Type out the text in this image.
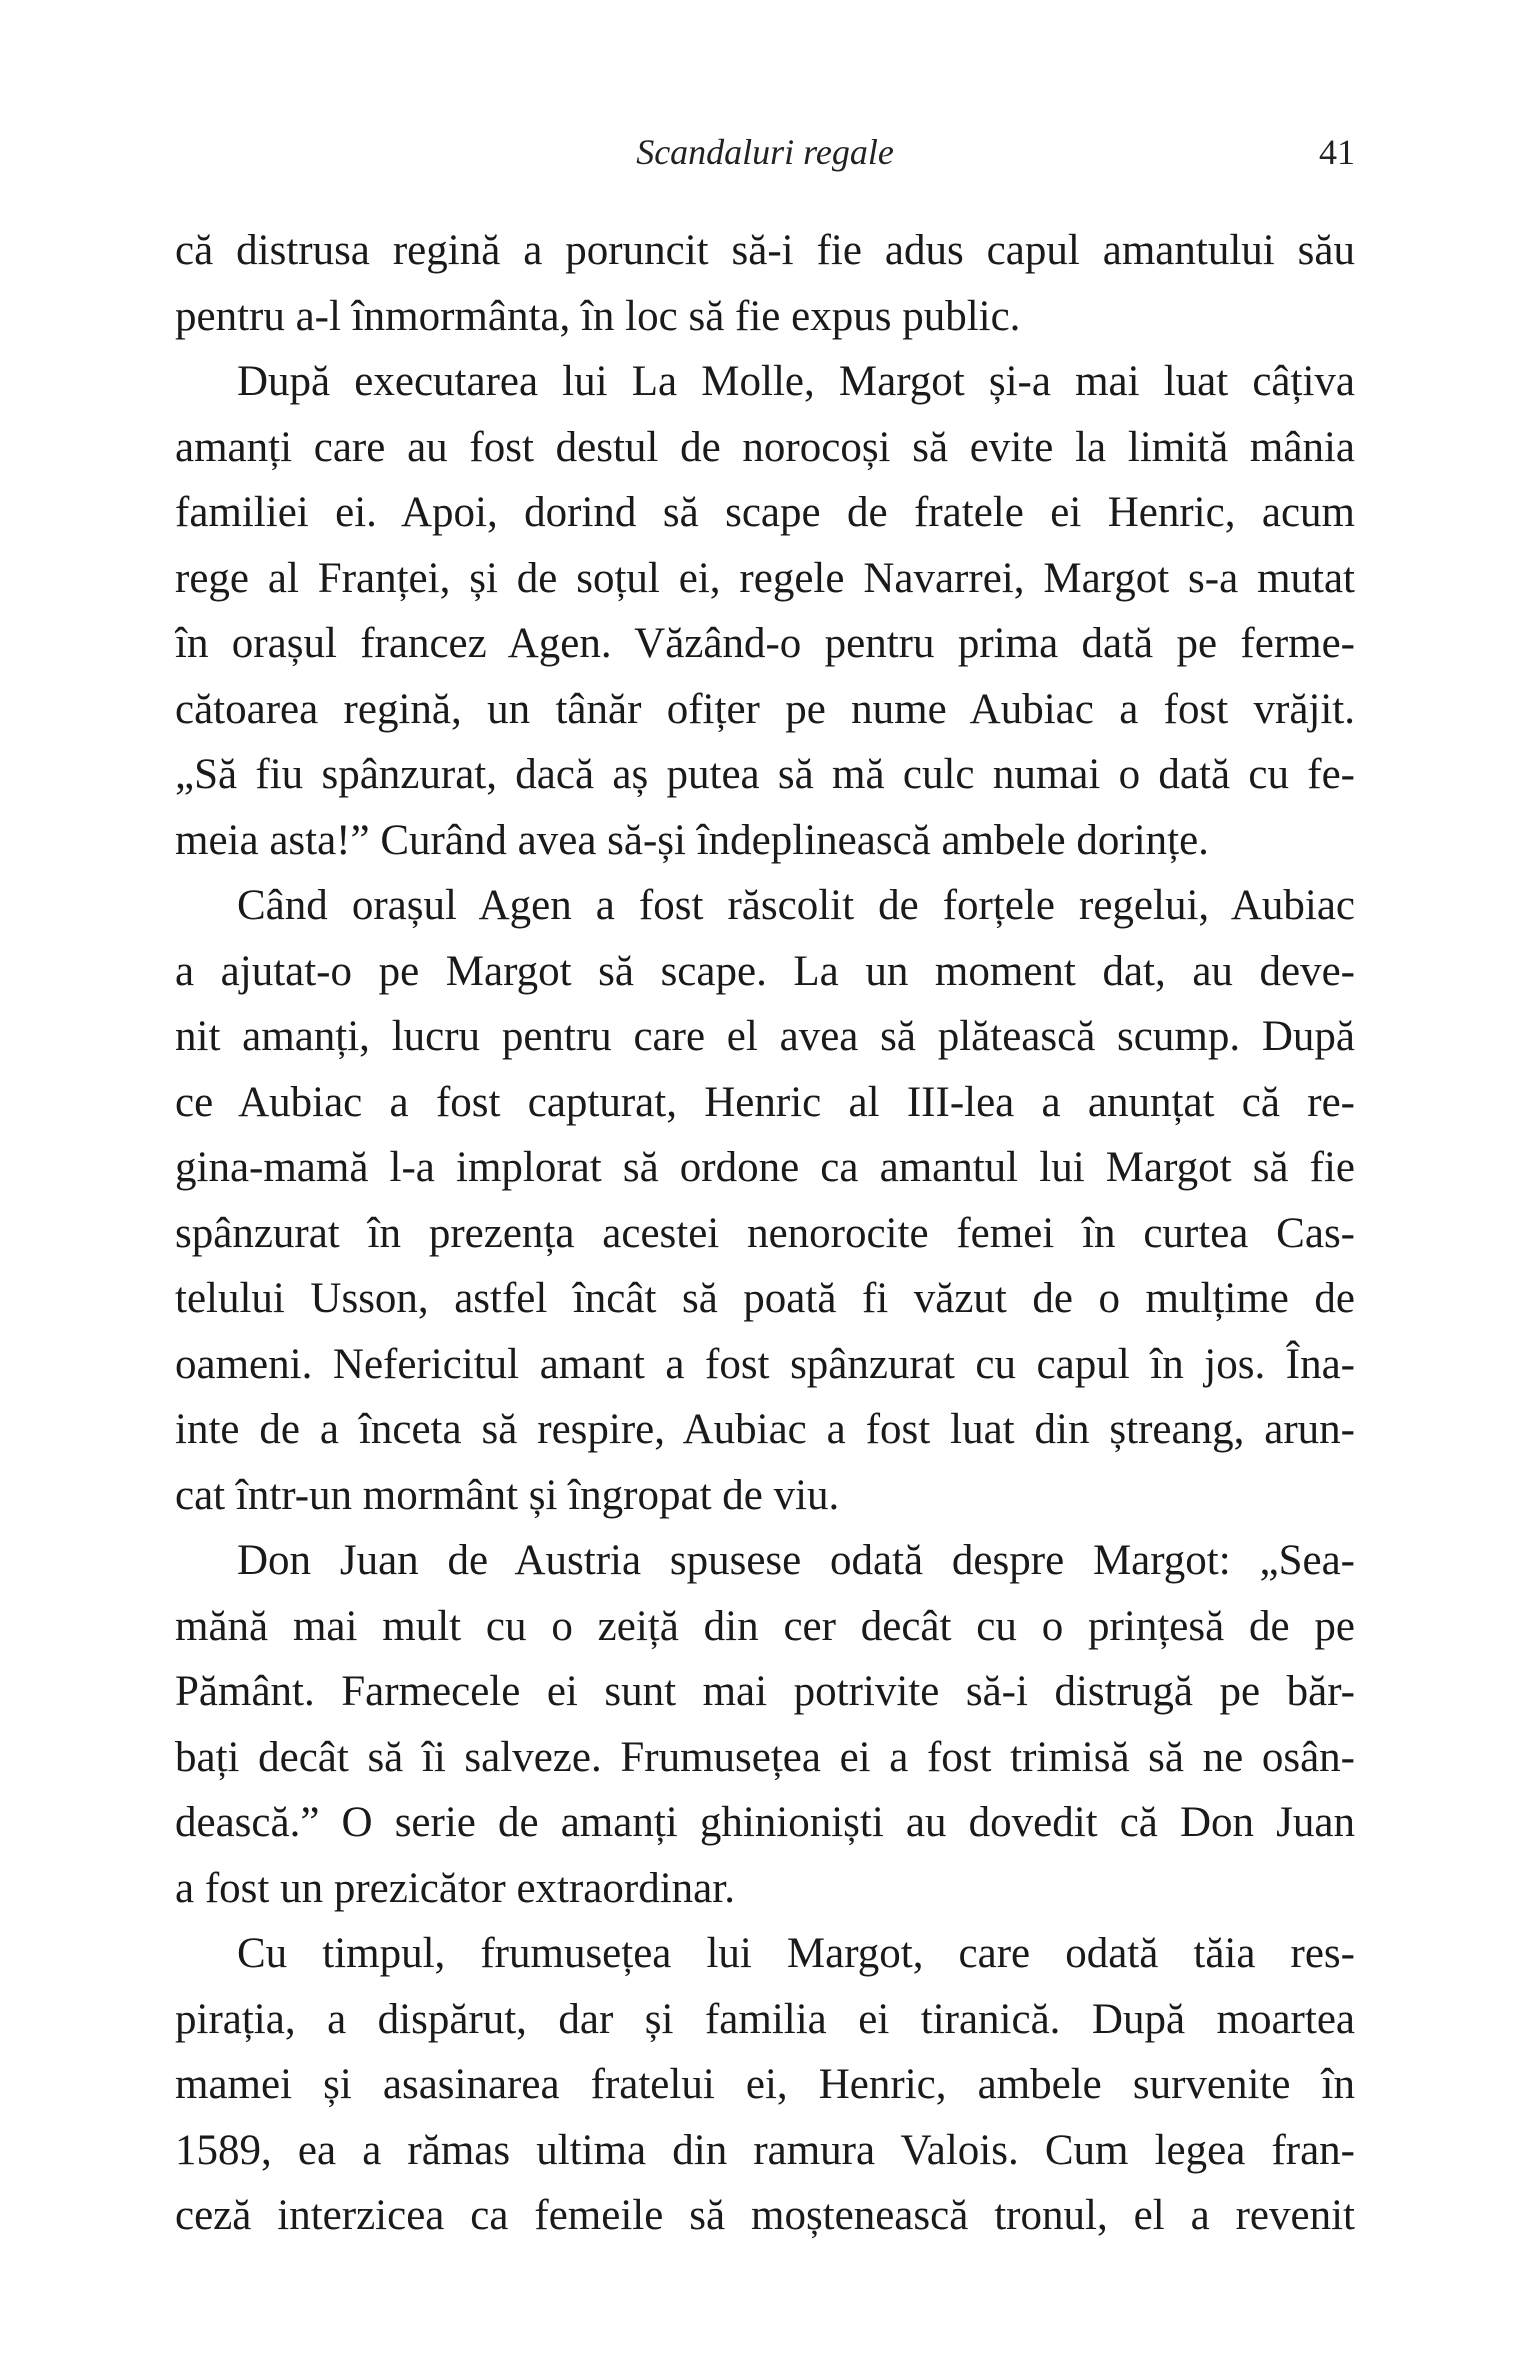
Scandaluri regale	41
că distrusa regină a poruncit să-i fie adus capul amantului său
pentru a-l înmormânta, în loc să fie expus public.
După executarea lui La Molle, Margot și-a mai luat câțiva
amanți care au fost destul de norocoși să evite la limită mânia
familiei ei. Apoi, dorind să scape de fratele ei Henric, acum
rege al Franței, și de soțul ei, regele Navarrei, Margot s-a mutat
în orașul francez Agen. Văzând-o pentru prima dată pe ferme-
cătoarea regină, un tânăr ofițer pe nume Aubiac a fost vrăjit.
„Să fiu spânzurat, dacă aș putea să mă culc numai o dată cu fe-
meia asta!” Curând avea să-și îndeplinească ambele dorințe.
Când orașul Agen a fost răscolit de forțele regelui, Aubiac
a ajutat-o pe Margot să scape. La un moment dat, au deve-
nit amanți, lucru pentru care el avea să plătească scump. După
ce Aubiac a fost capturat, Henric al III-lea a anunțat că re-
gina-mamă l-a implorat să ordone ca amantul lui Margot să fie
spânzurat în prezența acestei nenorocite femei în curtea Cas-
telului Usson, astfel încât să poată fi văzut de o mulțime de
oameni. Nefericitul amant a fost spânzurat cu capul în jos. Îna-
inte de a înceta să respire, Aubiac a fost luat din ștreang, arun-
cat într-un mormânt și îngropat de viu.
Don Juan de Austria spusese odată despre Margot: „Sea-
mănă mai mult cu o zeiță din cer decât cu o prințesă de pe
Pământ. Farmecele ei sunt mai potrivite să-i distrugă pe băr-
bați decât să îi salveze. Frumusețea ei a fost trimisă să ne osân-
dească.” O serie de amanți ghinioniști au dovedit că Don Juan
a fost un prezicător extraordinar.
Cu timpul, frumusețea lui Margot, care odată tăia res-
pirația, a dispărut, dar și familia ei tiranică. După moartea
mamei și asasinarea fratelui ei, Henric, ambele survenite în
1589, ea a rămas ultima din ramura Valois. Cum legea fran-
ceză interzicea ca femeile să moștenească tronul, el a revenit
